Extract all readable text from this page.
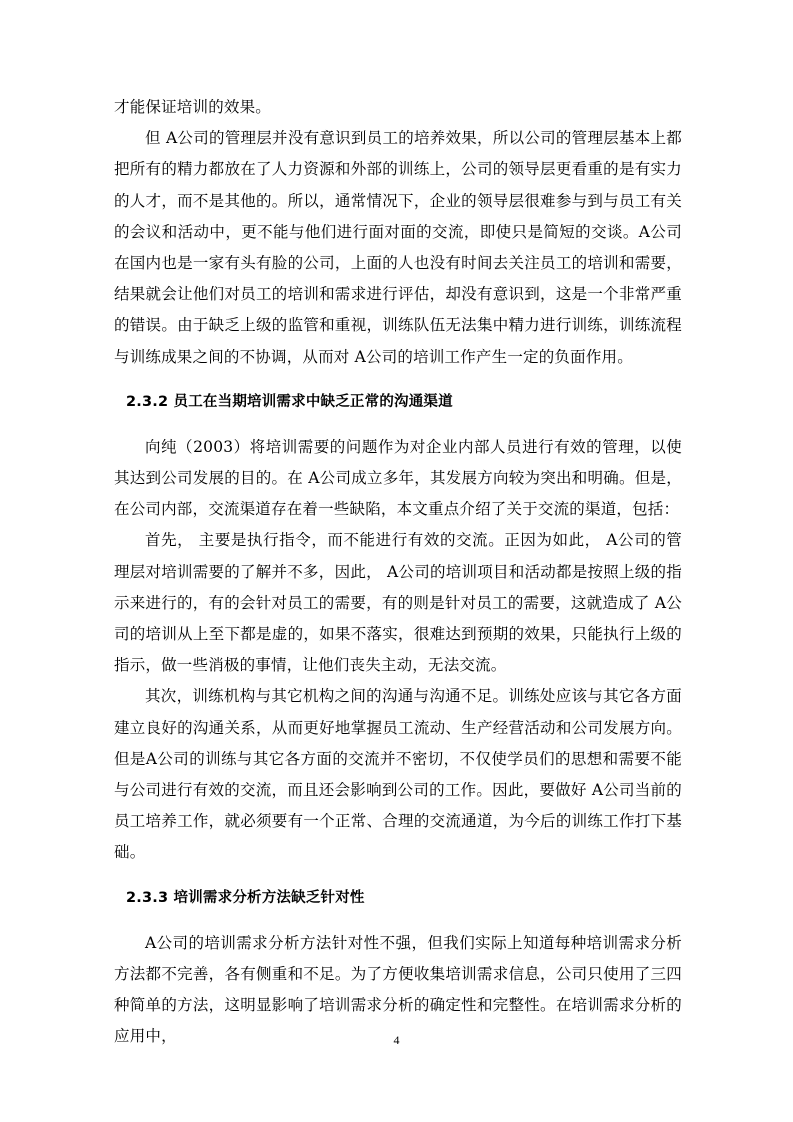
才能保证培训的效果。

但 A公司的管理层并没有意识到员工的培养效果，所以公司的管理层基本上都把所有的精力都放在了人力资源和外部的训练上，公司的领导层更看重的是有实力的人才，而不是其他的。所以，通常情况下，企业的领导层很难参与到与员工有关的会议和活动中，更不能与他们进行面对面的交流，即使只是简短的交谈。A公司在国内也是一家有头有脸的公司，上面的人也没有时间去关注员工的培训和需要，结果就会让他们对员工的培训和需求进行评估，却没有意识到，这是一个非常严重的错误。由于缺乏上级的监管和重视，训练队伍无法集中精力进行训练，训练流程与训练成果之间的不协调，从而对 A公司的培训工作产生一定的负面作用。

2.3.2 员工在当期培训需求中缺乏正常的沟通渠道

向纯（2003）将培训需要的问题作为对企业内部人员进行有效的管理，以使其达到公司发展的目的。在 A公司成立多年，其发展方向较为突出和明确。但是，在公司内部，交流渠道存在着一些缺陷，本文重点介绍了关于交流的渠道，包括：

首先， 主要是执行指令，而不能进行有效的交流。正因为如此， A公司的管理层对培训需要的了解并不多，因此， A公司的培训项目和活动都是按照上级的指示来进行的，有的会针对员工的需要，有的则是针对员工的需要，这就造成了 A公司的培训从上至下都是虚的，如果不落实，很难达到预期的效果，只能执行上级的指示，做一些消极的事情，让他们丧失主动，无法交流。

其次，训练机构与其它机构之间的沟通与沟通不足。训练处应该与其它各方面建立良好的沟通关系，从而更好地掌握员工流动、生产经营活动和公司发展方向。但是A公司的训练与其它各方面的交流并不密切，不仅使学员们的思想和需要不能与公司进行有效的交流，而且还会影响到公司的工作。因此，要做好 A公司当前的员工培养工作，就必须要有一个正常、合理的交流通道，为今后的训练工作打下基础。

2.3.3 培训需求分析方法缺乏针对性

A公司的培训需求分析方法针对性不强，但我们实际上知道每种培训需求分析方法都不完善，各有侧重和不足。为了方便收集培训需求信息，公司只使用了三四种简单的方法，这明显影响了培训需求分析的确定性和完整性。在培训需求分析的应用中，	4
